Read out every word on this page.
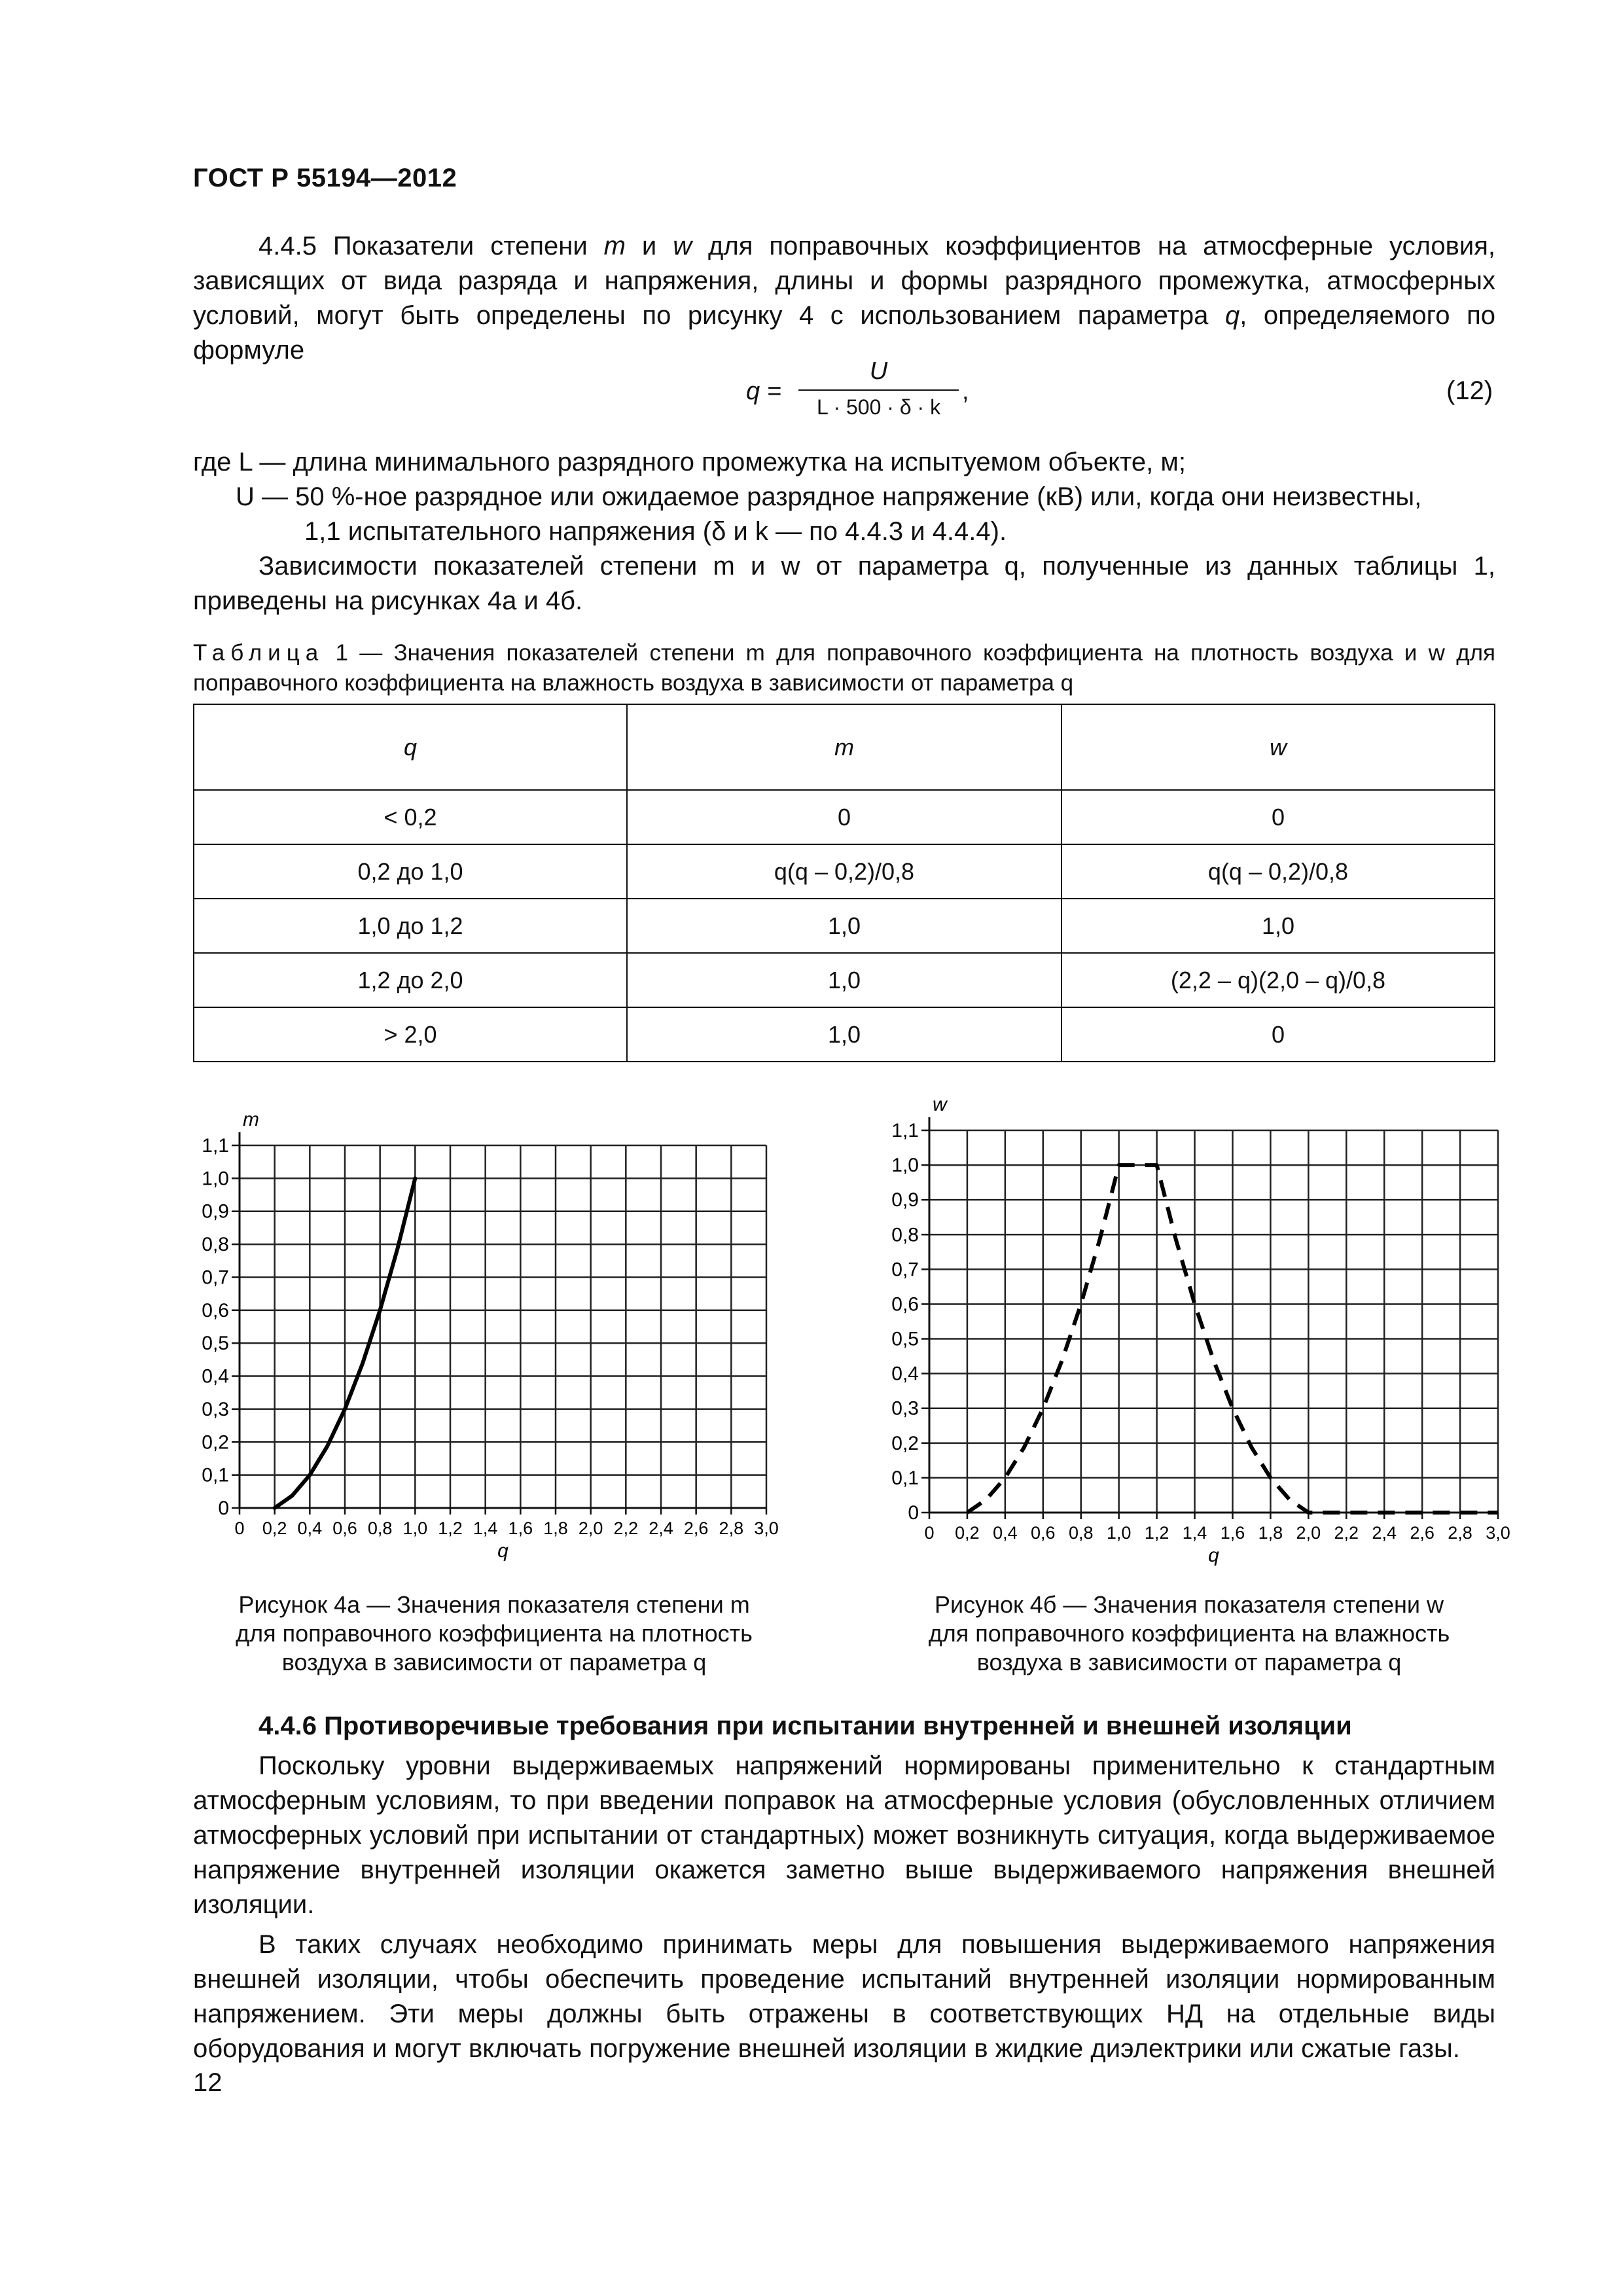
ГОСТ Р 55194—2012
4.4.5 Показатели степени m и w для поправочных коэффициентов на атмосферные условия, зависящих от вида разряда и напряжения, длины и формы разрядного промежутка, атмосферных условий, могут быть определены по рисунку 4 с использованием параметра q, определяемого по формуле
q =
U
L · 500 · δ · k
,	(12)
где L — длина минимального разрядного промежутка на испытуемом объекте, м;
U — 50 %-ное разрядное или ожидаемое разрядное напряжение (кВ) или, когда они неизвестны,
1,1 испытательного напряжения (δ и k — по 4.4.3 и 4.4.4).
Зависимости показателей степени m и w от параметра q, полученные из данных таблицы 1, приведены на рисунках 4а и 4б.
Таблица 1 — Значения показателей степени m для поправочного коэффициента на плотность воздуха и w для поправочного коэффициента на влажность воздуха в зависимости от параметра q
q	m	w
< 0,2	0	0
0,2 до 1,0	q(q – 0,2)/0,8	q(q – 0,2)/0,8
1,0 до 1,2	1,0	1,0
1,2 до 2,0	1,0	(2,2 – q)(2,0 – q)/0,8
> 2,0	1,0	0
0 0,2 0,4 0,6 0,8 1,0 1,2 1,4 1,6 1,8 2,0 2,2 2,4 2,6 2,8 3,0
0
0,1
0,2
0,3
0,4
0,5
0,6
0,7
0,8
0,9
1,0
1,1
m
q
0 0,2 0,4 0,6 0,8 1,0 1,2 1,4 1,6 1,8 2,0 2,2 2,4 2,6 2,8 3,0
0
0,1
0,2
0,3
0,4
0,5
0,6
0,7
0,8
0,9
1,0
1,1
w
q
Рисунок 4а — Значения показателя степени m
для поправочного коэффициента на плотность
воздуха в зависимости от параметра q
Рисунок 4б — Значения показателя степени w
для поправочного коэффициента на влажность
воздуха в зависимости от параметра q
4.4.6 Противоречивые требования при испытании внутренней и внешней изоляции
Поскольку уровни выдерживаемых напряжений нормированы применительно к стандартным атмосферным условиям, то при введении поправок на атмосферные условия (обусловленных отличием атмосферных условий при испытании от стандартных) может возникнуть ситуация, когда выдерживаемое напряжение внутренней изоляции окажется заметно выше выдерживаемого напряжения внешней изоляции.
В таких случаях необходимо принимать меры для повышения выдерживаемого напряжения внешней изоляции, чтобы обеспечить проведение испытаний внутренней изоляции нормированным напряжением. Эти меры должны быть отражены в соответствующих НД на отдельные виды оборудования и могут включать погружение внешней изоляции в жидкие диэлектрики или сжатые газы.
12
